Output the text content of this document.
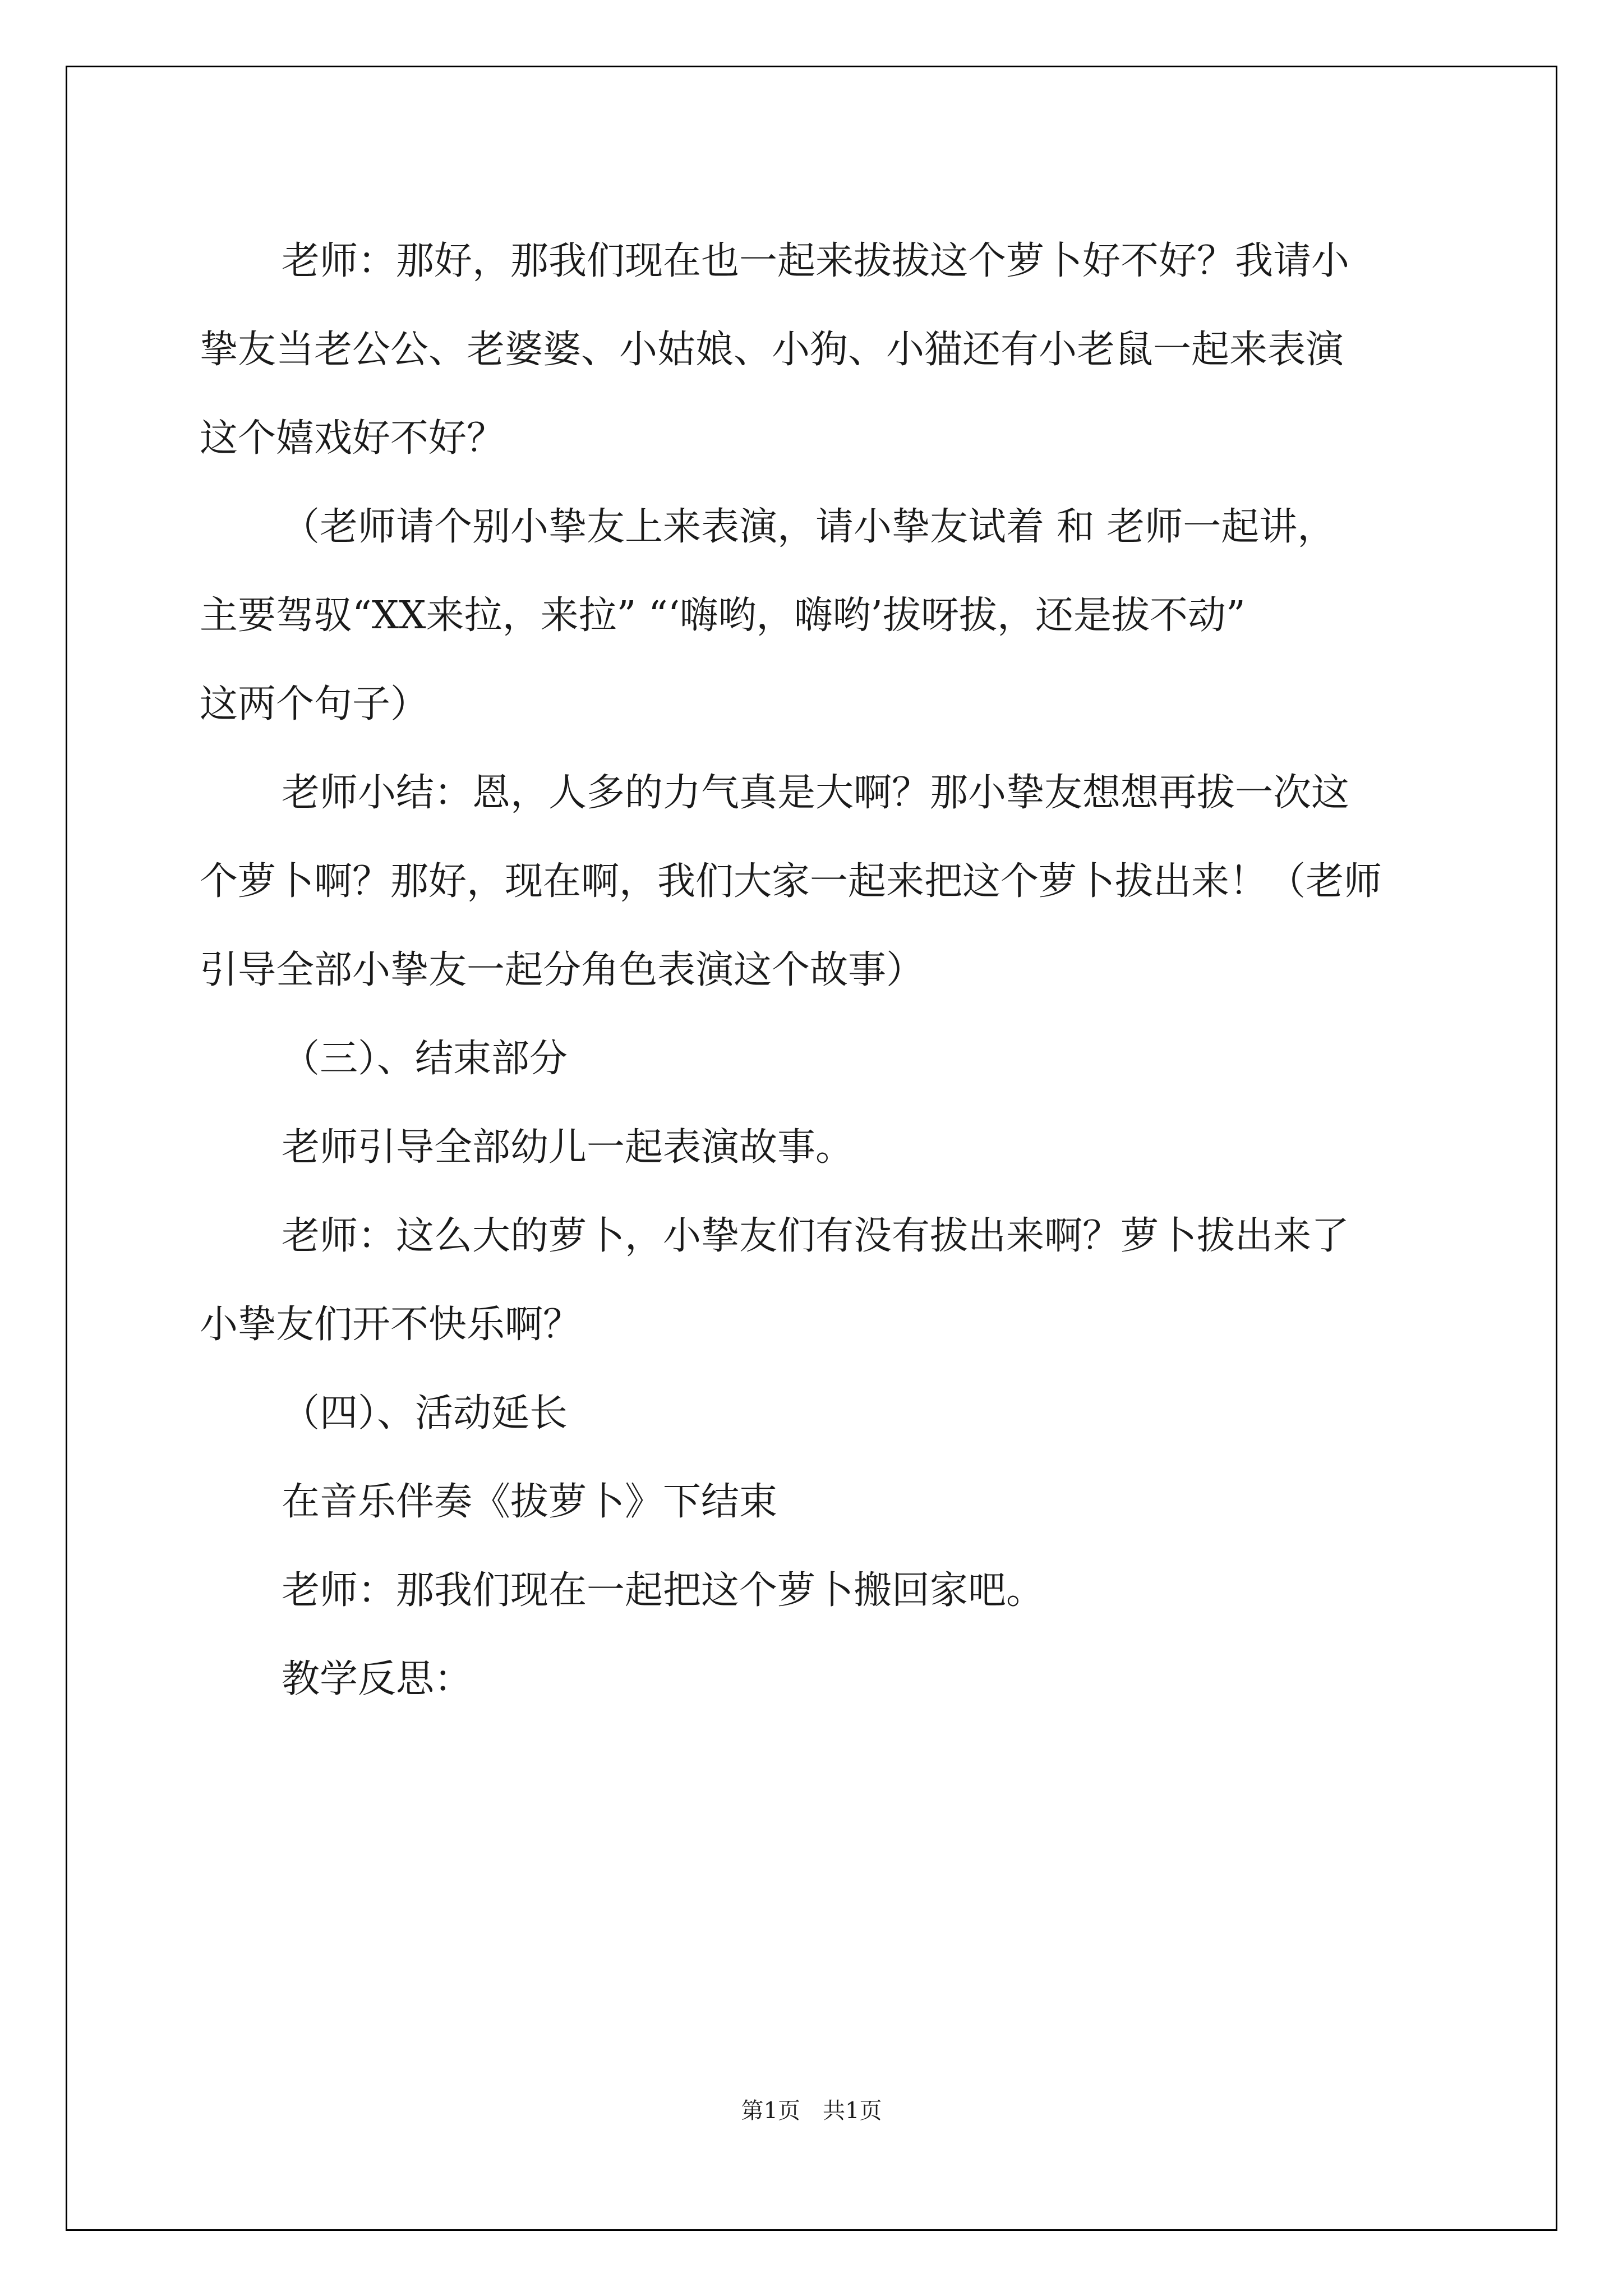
老师：那好，那我们现在也一起来拔拔这个萝卜好不好？我请小

挚友当老公公、老婆婆、小姑娘、小狗、小猫还有小老鼠一起来表演

这个嬉戏好不好？

（老师请个别小挚友上来表演，请小挚友试着 和 老师一起讲，

主要驾驭“XX来拉，来拉” “‘嗨哟，嗨哟’拔呀拔，还是拔不动”

这两个句子）

老师小结：恩，人多的力气真是大啊？那小挚友想想再拔一次这

个萝卜啊？那好，现在啊，我们大家一起来把这个萝卜拔出来！（老师

引导全部小挚友一起分角色表演这个故事）

（三）、结束部分

老师引导全部幼儿一起表演故事。

老师：这么大的萝卜，小挚友们有没有拔出来啊？萝卜拔出来了

小挚友们开不快乐啊？

（四）、活动延长

在音乐伴奏《拔萝卜》下结束

老师：那我们现在一起把这个萝卜搬回家吧。

教学反思：

第1页　共1页
